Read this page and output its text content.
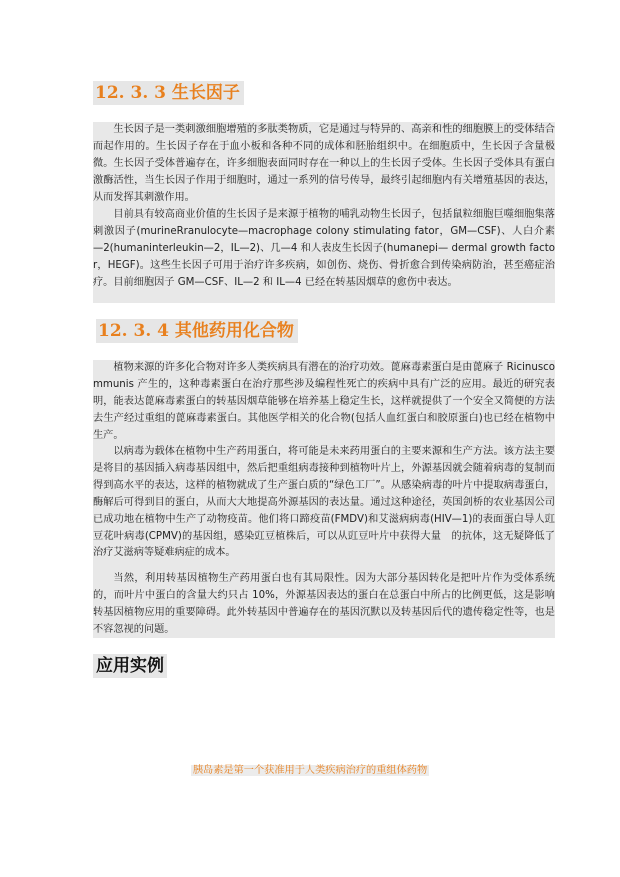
12. 3. 3 生长因子

生长因子是一类刺激细胞增殖的多肽类物质，它是通过与特异的、高亲和性的细胞膜上的受体结合而起作用的。生长因子存在于血小板和各种不同的成体和胚胎组织中。在细胞质中，生长因子含量极微。生长因子受体普遍存在，许多细胞表面同时存在一种以上的生长因子受体。生长因子受体具有蛋白激酶活性，当生长因子作用于细胞时，通过一系列的信号传导，最终引起细胞内有关增殖基因的表达，从而发挥其刺激作用。

目前具有较高商业价值的生长因子是来源于植物的哺乳动物生长因子，包括鼠粒细胞巨噬细胞集落刺激因子(murineRranulocyte—macrophage colony stimulating fator，GM—CSF)、人白介素—2(humaninterleukin—2，IL—2)、几—4 和人表皮生长因子(humanepi— dermal growth factor，HEGF)。这些生长因子可用于治疗许多疾病，如创伤、烧伤、骨折愈合到传染病防治，甚至癌症治疗。目前细胞因子 GM—CSF、IL—2 和 IL—4 已经在转基因烟草的愈伤中表达。

12. 3. 4 其他药用化合物

植物来源的许多化合物对许多人类疾病具有潜在的治疗功效。蓖麻毒素蛋白是由蓖麻子 Ricinuscommunis 产生的，这种毒素蛋白在治疗那些涉及编程性死亡的疾病中具有广泛的应用。最近的研究表明，能表达蓖麻毒素蛋白的转基因烟草能够在培养基上稳定生长，这样就提供了一个安全又简便的方法去生产经过重组的蓖麻毒素蛋白。其他医学相关的化合物(包括人血红蛋白和胶原蛋白)也已经在植物中生产。

以病毒为载体在植物中生产药用蛋白，将可能是未来药用蛋白的主要来源和生产方法。该方法主要是将目的基因插入病毒基因组中，然后把重组病毒接种到植物叶片上，外源基因就会随着病毒的复制而得到高水平的表达，这样的植物就成了生产蛋白质的“绿色工厂”。从感染病毒的叶片中提取病毒蛋白，酶解后可得到目的蛋白，从而大大地提高外源基因的表达量。通过这种途径，英国剑桥的农业基因公司已成功地在植物中生产了动物疫苗。他们将口蹄疫苗(FMDV)和艾滋病病毒(HIV—1)的表面蛋白导人豇豆花叶病毒(CPMV)的基因组，感染豇豆植株后，可以从豇豆叶片中获得大量　的抗体，这无疑降低了治疗艾滋病等疑难病症的成本。

当然，利用转基因植物生产药用蛋白也有其局限性。因为大部分基因转化是把叶片作为受体系统的，而叶片中蛋白的含量大约只占 10%，外源基因表达的蛋白在总蛋白中所占的比例更低，这是影响转基因植物应用的重要障碍。此外转基因中普遍存在的基因沉默以及转基因后代的遗传稳定性等，也是不容忽视的问题。

应用实例
胰岛素是第一个获准用于人类疾病治疗的重组体药物
